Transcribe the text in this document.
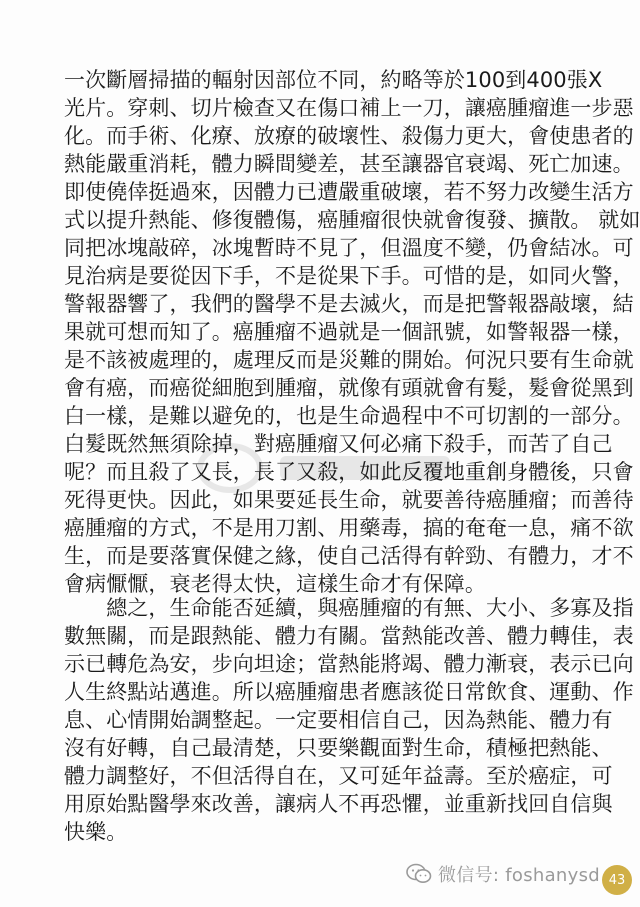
一次斷層掃描的輻射因部位不同，約略等於100到400張X
光片。穿刺、切片檢查又在傷口補上一刀，讓癌腫瘤進一步惡
化。而手術、化療、放療的破壞性、殺傷力更大，會使患者的
熱能嚴重消耗，體力瞬間變差，甚至讓器官衰竭、死亡加速。
即使僥倖挺過來，因體力已遭嚴重破壞，若不努力改變生活方
式以提升熱能、修復體傷，癌腫瘤很快就會復發、擴散。 就如
同把冰塊敲碎，冰塊暫時不見了，但溫度不變，仍會結冰。可
見治病是要從因下手，不是從果下手。可惜的是，如同火警，
警報器響了，我們的醫學不是去滅火，而是把警報器敲壞，結
果就可想而知了。癌腫瘤不過就是一個訊號，如警報器一樣，
是不該被處理的，處理反而是災難的開始。何況只要有生命就
會有癌，而癌從細胞到腫瘤，就像有頭就會有髮，髮會從黑到
白一樣，是難以避免的，也是生命過程中不可切割的一部分。
白髮既然無須除掉，對癌腫瘤又何必痛下殺手，而苦了自己
呢？而且殺了又長，長了又殺，如此反覆地重創身體後，只會
死得更快。因此，如果要延長生命，就要善待癌腫瘤；而善待
癌腫瘤的方式，不是用刀割、用藥毒，搞的奄奄一息，痛不欲
生，而是要落實保健之緣，使自己活得有幹勁、有體力，才不
會病懨懨，衰老得太快，這樣生命才有保障。
　　總之，生命能否延續，與癌腫瘤的有無、大小、多寡及指
數無關，而是跟熱能、體力有關。當熱能改善、體力轉佳，表
示已轉危為安，步向坦途；當熱能將竭、體力漸衰，表示已向
人生終點站邁進。所以癌腫瘤患者應該從日常飲食、運動、作
息、心情開始調整起。一定要相信自己，因為熱能、體力有
沒有好轉，自己最清楚，只要樂觀面對生命，積極把熱能、
體力調整好，不但活得自在，又可延年益壽。至於癌症，可
用原始點醫學來改善，讓病人不再恐懼，並重新找回自信與
快樂。
微信号: foshanysd 43
